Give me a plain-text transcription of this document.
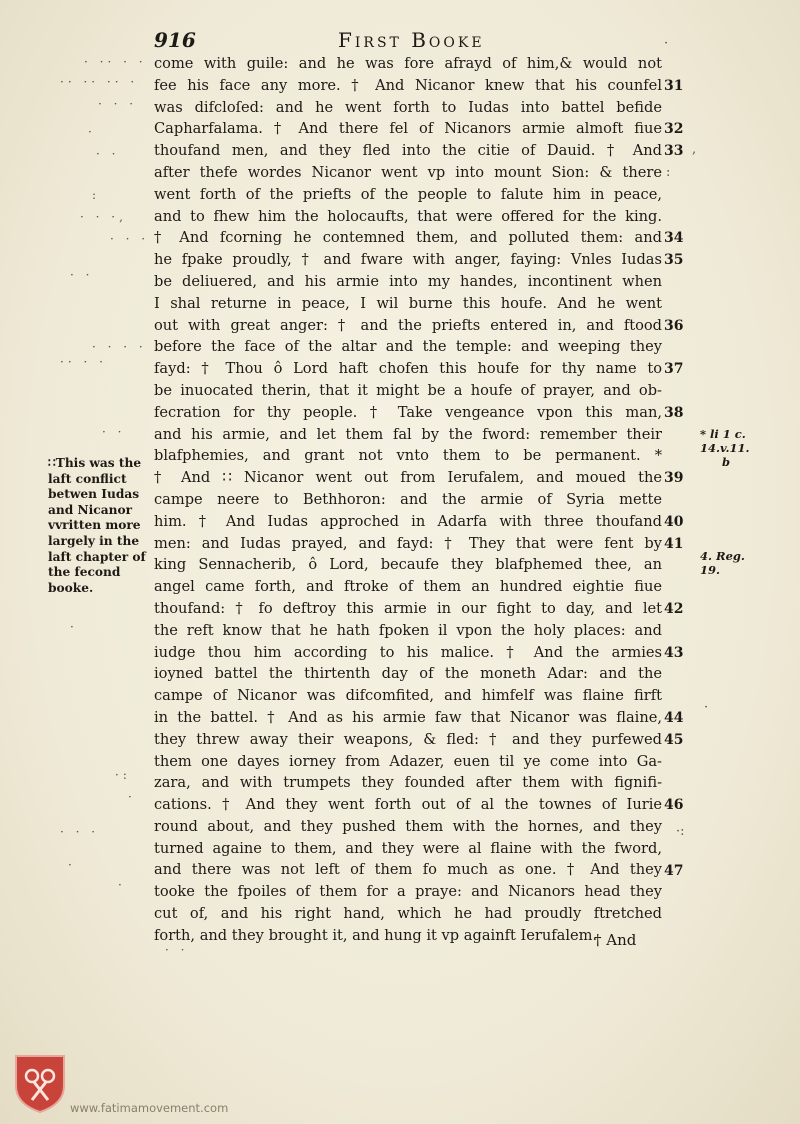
916	First Booke
come with guile: and he was fore afrayd of him,& would not
fee his face any more. † And Nicanor knew that his counfel
was difcloſed: and he went forth to Iudas into battel befide
Capharfalama. † And there fel of Nicanors armie almoft fiue
thoufand men, and they fled into the citie of Dauid. † And
after thefe wordes Nicanor went vp into mount Sion: & there
went forth of the priefts of the people to falute him in peace,
and to fhew him the holocaufts, that were offered for the king.
† And fcorning he contemned them, and polluted them: and
he fpake proudly, † and fware with anger, faying: Vnles Iudas
be deliuered, and his armie into my handes, incontinent when
I shal returne in peace, I wil burne this houfe. And he went
out with great anger: † and the priefts entered in, and ftood
before the face of the altar and the temple: and weeping they
fayd: † Thou ô Lord haft chofen this houfe for thy name to
be inuocated therin, that it might be a houfe of prayer, and ob-
fecration for thy people. † Take vengeance vpon this man,
and his armie, and let them fal by the fword: remember their
blafphemies, and grant not vnto them to be permanent. *
† And ∷ Nicanor went out from Ierufalem, and moued the
campe neere to Bethhoron: and the armie of Syria mette
him. † And Iudas approched in Adarfa with three thoufand
men: and Iudas prayed, and fayd: † They that were fent by
king Sennacherib, ô Lord, becaufe they blafphemed thee, an
angel came forth, and ftroke of them an hundred eightie fiue
thoufand: † fo deftroy this armie in our fight to day, and let
the reft know that he hath fpoken il vpon the holy places: and
iudge thou him according to his malice. † And the armies
ioyned battel the thirtenth day of the moneth Adar: and the
campe of Nicanor was difcomfited, and himfelf was flaine firft
in the battel. † And as his armie faw that Nicanor was flaine,
they threw away their weapons, & fled: † and they purfewed
them one dayes iorney from Adazer, euen til ye come into Ga-
zara, and with trumpets they founded after them with fignifi-
cations. † And they went forth out of al the townes of Iurie
round about, and they pushed them with the hornes, and they
turned againe to them, and they were al flaine with the fword,
and there was not left of them fo much as one. † And they
tooke the fpoiles of them for a praye: and Nicanors head they
cut of, and his right hand, which he had proudly ftretched
forth, and they brought it, and hung it vp againft Ierufalem.
31
32
33
34
35
36
37
38
39
40
41
42
43
44
45
46
47
∷This was the
laft conflict
betwen Iudas
and Nicanor
vvritten more
largely in the
laft chapter of
the fecond
booke.
* li 1 c.
14.v.11.
b
4. Reg.
19.
· ·· · ·
·· ·· ·· ·
· · ·
·
· ·
:
· · ·,
· · ·
· ·
· · · · ·
·· · ·
· ·
·
·:
·
· · ·
·
·
· ·
·
,
:
·
·:
† And
www.fatimamovement.com
